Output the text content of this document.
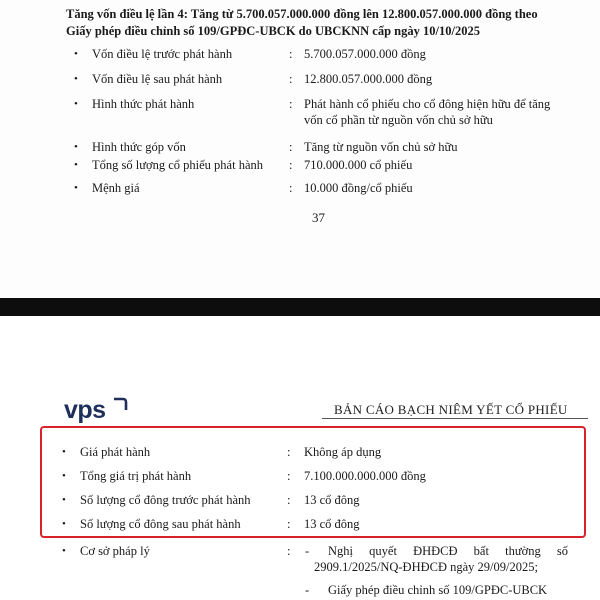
Tăng vốn điều lệ lần 4: Tăng từ 5.700.057.000.000 đồng lên 12.800.057.000.000 đồng theo
Giấy phép điều chỉnh số 109/GPĐC-UBCK do UBCKNN cấp ngày 10/10/2025
• Vốn điều lệ trước phát hành	: 5.700.057.000.000 đồng
• Vốn điều lệ sau phát hành	: 12.800.057.000.000 đồng
• Hình thức phát hành	: Phát hành cổ phiếu cho cổ đông hiện hữu để tăng
vốn cổ phần từ nguồn vốn chủ sở hữu
• Hình thức góp vốn	: Tăng từ nguồn vốn chủ sở hữu
• Tổng số lượng cổ phiếu phát hành : 710.000.000 cổ phiếu
• Mệnh giá	: 10.000 đồng/cổ phiếu
37
vps	BẢN CÁO BẠCH NIÊM YẾT CỔ PHIẾU
• Giá phát hành	: Không áp dụng
• Tổng giá trị phát hành	: 7.100.000.000.000 đồng
• Số lượng cổ đông trước phát hành	: 13 cổ đông
• Số lượng cổ đông sau phát hành	: 13 cổ đông
• Cơ sở pháp lý	: - Nghị quyết ĐHĐCĐ bất thường số
2909.1/2025/NQ-ĐHĐCĐ ngày 29/09/2025;
- Giấy phép điều chỉnh số 109/GPĐC-UBCK
